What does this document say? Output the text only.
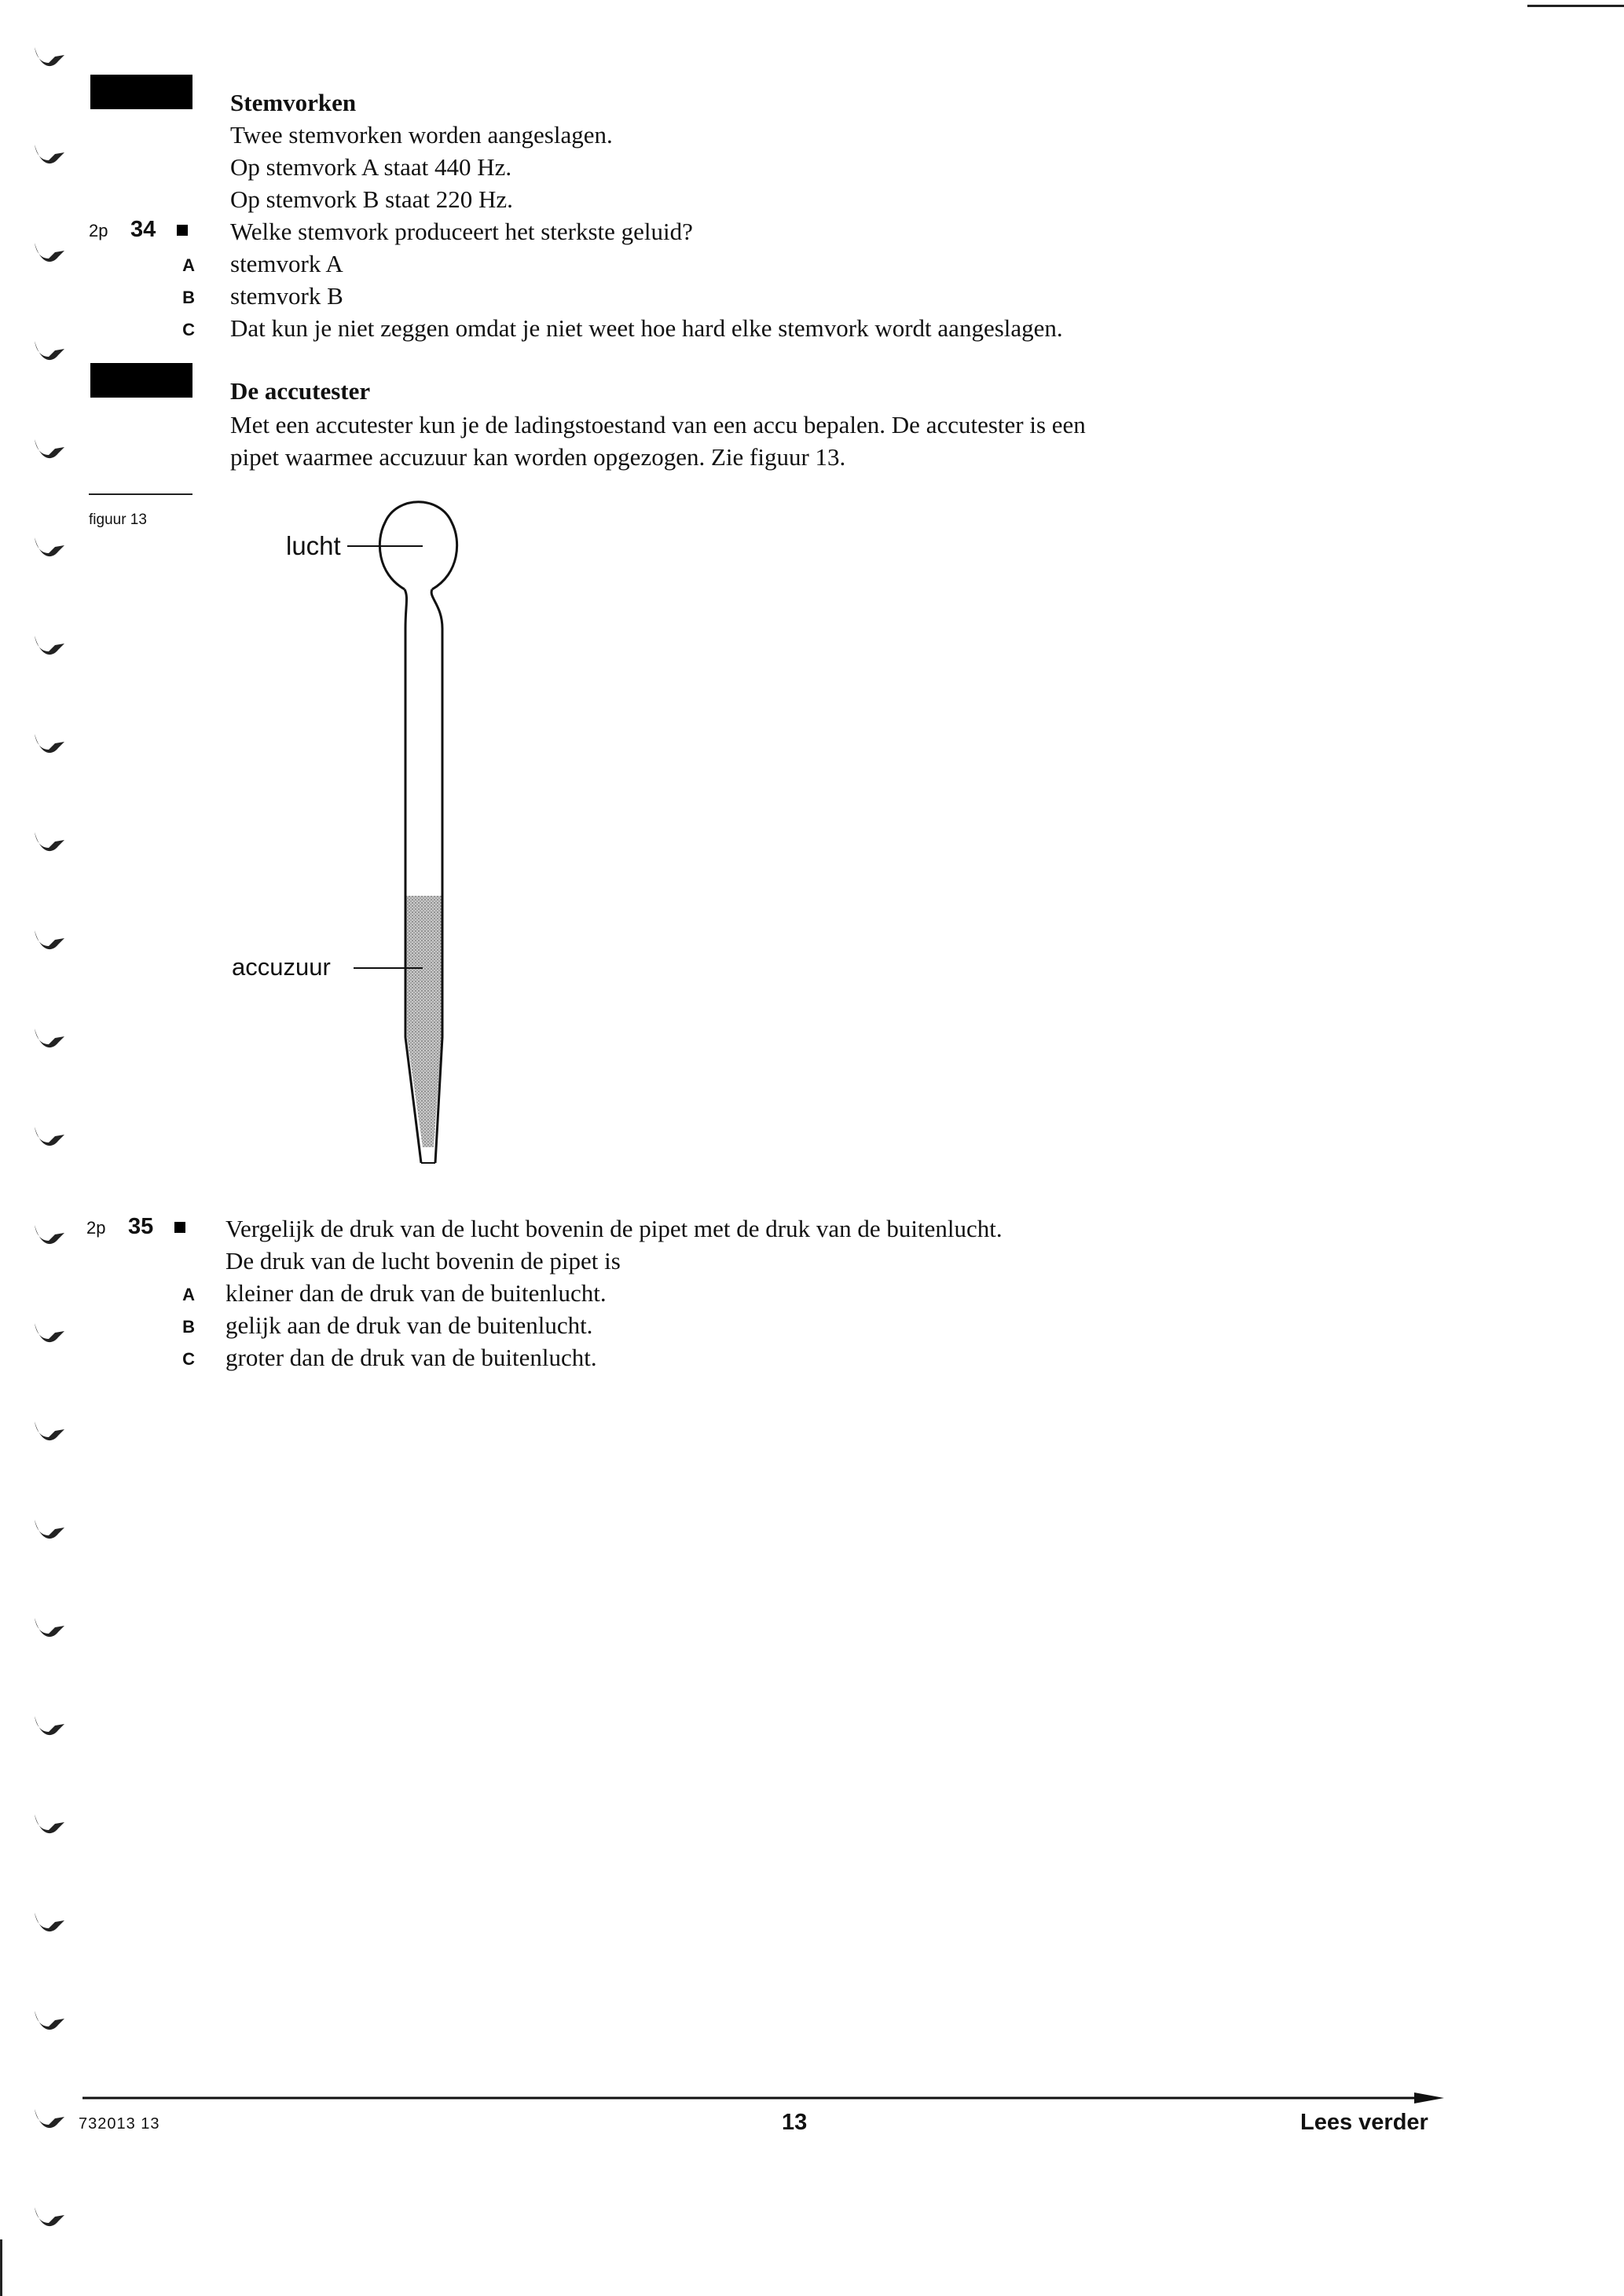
Stemvorken
Twee stemvorken worden aangeslagen.
Op stemvork A staat 440 Hz.
Op stemvork B staat 220 Hz.
2p 34	Welke stemvork produceert het sterkste geluid?
A stemvork A
B stemvork B
C Dat kun je niet zeggen omdat je niet weet hoe hard elke stemvork wordt aangeslagen.
De accutester
Met een accutester kun je de ladingstoestand van een accu bepalen. De accutester is een
pipet waarmee accuzuur kan worden opgezogen. Zie figuur 13.
figuur 13
lucht
accuzuur
2p 35	Vergelijk de druk van de lucht bovenin de pipet met de druk van de buitenlucht.
De druk van de lucht bovenin de pipet is
A kleiner dan de druk van de buitenlucht.
B gelijk aan de druk van de buitenlucht.
C groter dan de druk van de buitenlucht.
732013 13	13	Lees verder
